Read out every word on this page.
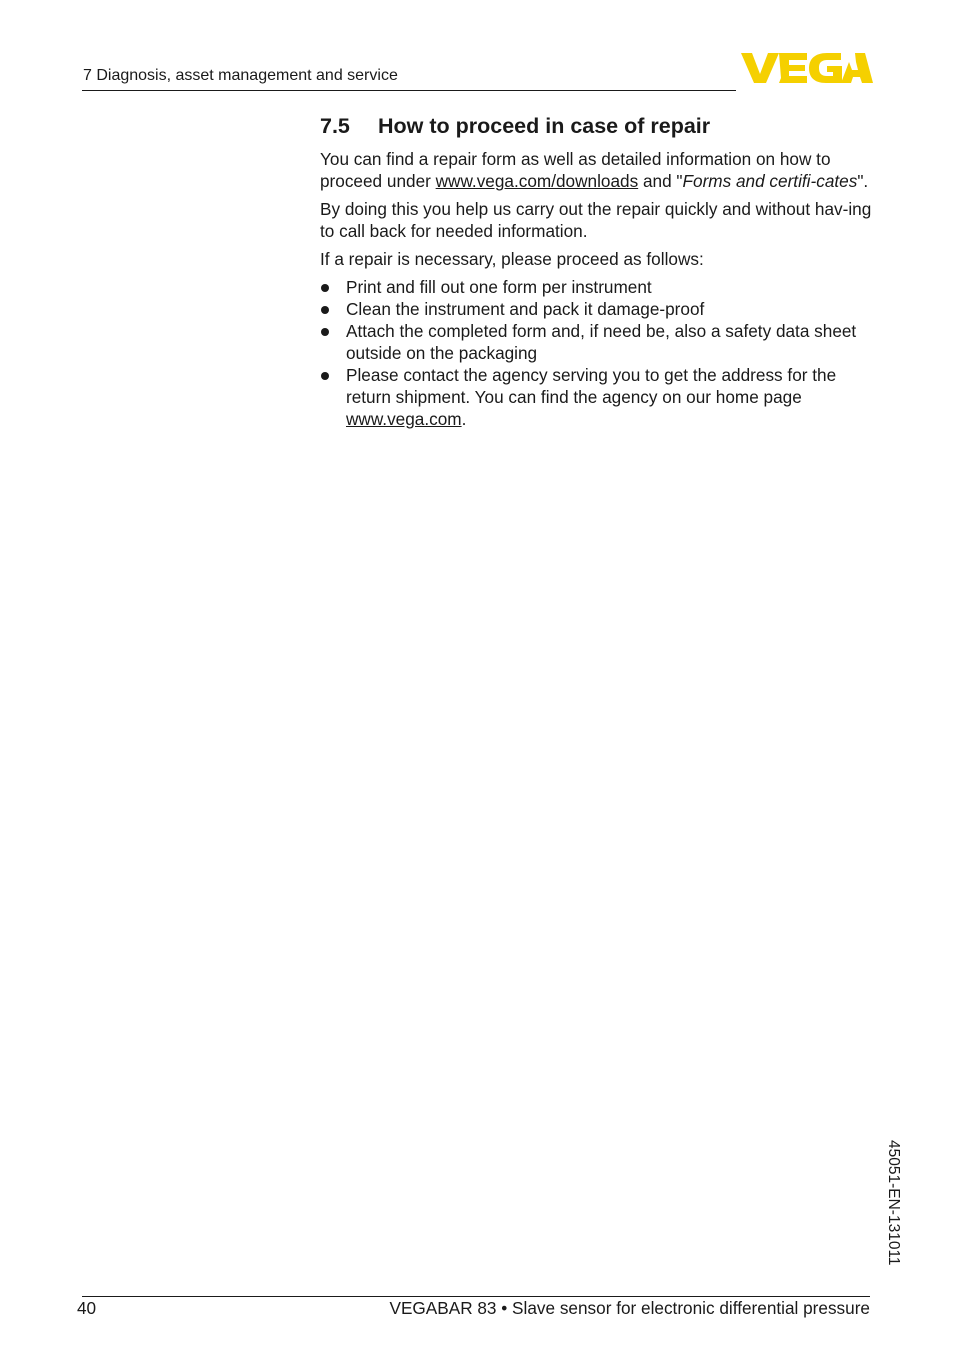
7 Diagnosis, asset management and service
7.5 How to proceed in case of repair

You can find a repair form as well as detailed information on how to proceed under www.vega.com/downloads and "Forms and certifi-cates".

By doing this you help us carry out the repair quickly and without hav-ing to call back for needed information.

If a repair is necessary, please proceed as follows:

Print and fill out one form per instrument
Clean the instrument and pack it damage-proof
Attach the completed form and, if need be, also a safety data sheet outside on the packaging
Please contact the agency serving you to get the address for the return shipment. You can find the agency on our home page www.vega.com.
45051-EN-131011
40	VEGABAR 83 • Slave sensor for electronic differential pressure
